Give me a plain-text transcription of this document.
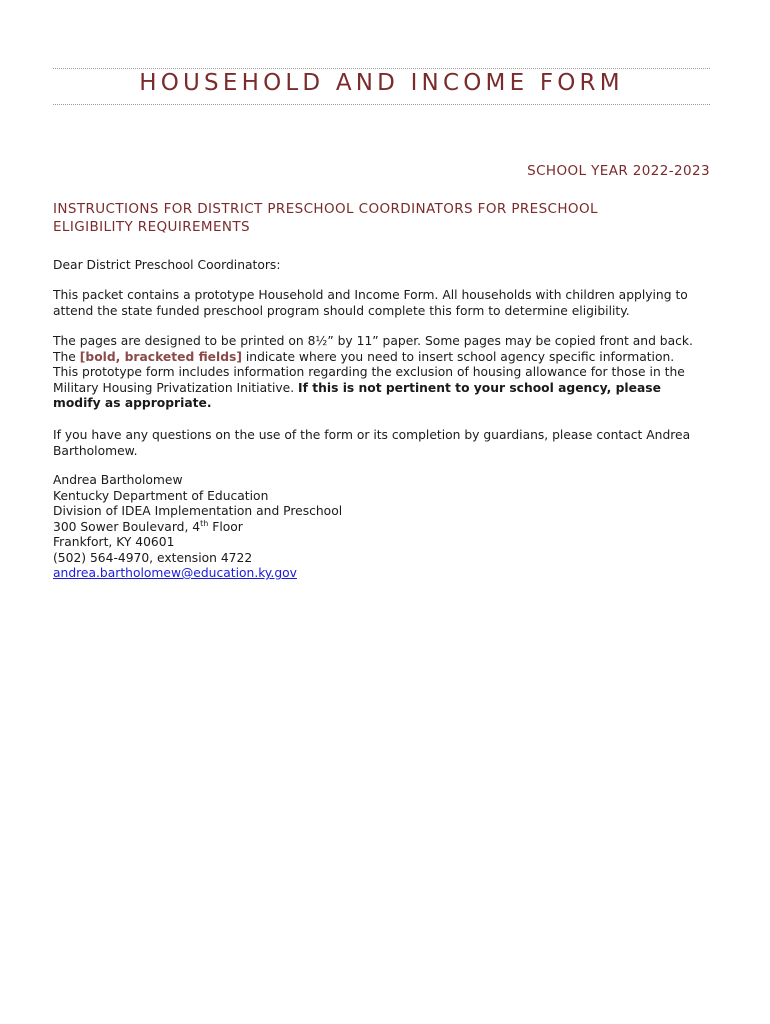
HOUSEHOLD AND INCOME FORM
SCHOOL YEAR 2022-2023
INSTRUCTIONS FOR DISTRICT PRESCHOOL COORDINATORS FOR PRESCHOOL
ELIGIBILITY REQUIREMENTS
Dear District Preschool Coordinators:
This packet contains a prototype Household and Income Form. All households with children applying to
attend the state funded preschool program should complete this form to determine eligibility.
The pages are designed to be printed on 8½” by 11” paper. Some pages may be copied front and back.
The [bold, bracketed fields] indicate where you need to insert school agency specific information.
This prototype form includes information regarding the exclusion of housing allowance for those in the
Military Housing Privatization Initiative. If this is not pertinent to your school agency, please
modify as appropriate.
If you have any questions on the use of the form or its completion by guardians, please contact Andrea
Bartholomew.
Andrea Bartholomew
Kentucky Department of Education
Division of IDEA Implementation and Preschool
300 Sower Boulevard, 4th Floor
Frankfort, KY 40601
(502) 564-4970, extension 4722
andrea.bartholomew@education.ky.gov
